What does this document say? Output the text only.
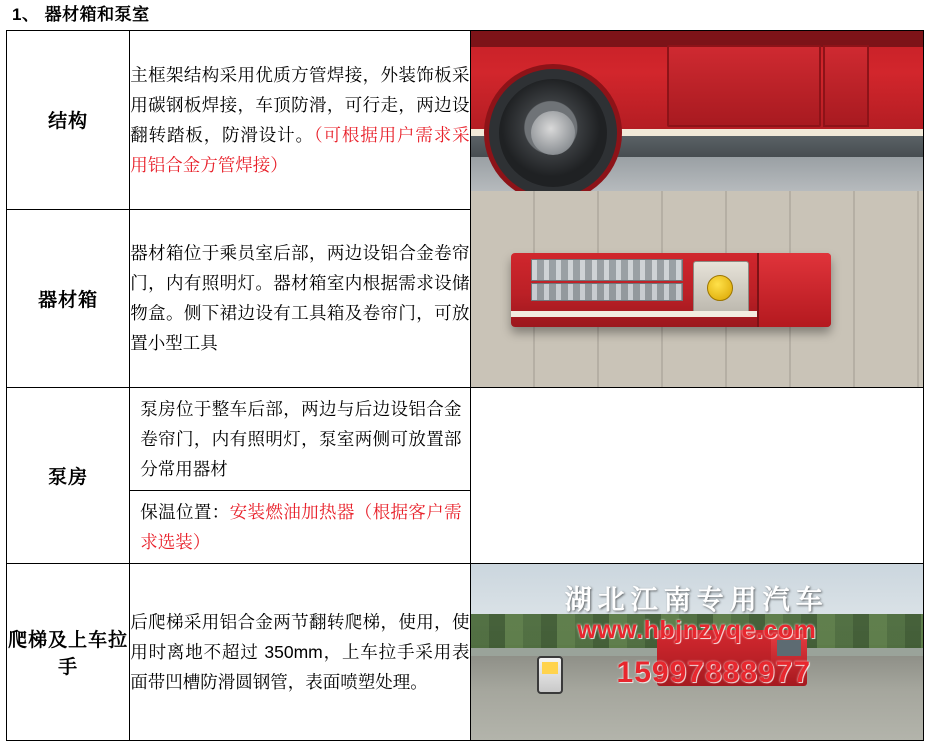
1、 器材箱和泵室
结构	主框架结构采用优质方管焊接，外装饰板采用碳钢板焊接，车顶防滑，可行走，两边设翻转踏板，防滑设计。（可根据用户需求采用铝合金方管焊接）	

器材箱	器材箱位于乘员室后部，两边设铝合金卷帘门，内有照明灯。器材箱室内根据需求设储物盒。侧下裙边设有工具箱及卷帘门，可放置小型工具	
泵房	泵房位于整车后部，两边与后边设铝合金卷帘门，内有照明灯，泵室两侧可放置部分常用器材
保温位置：安装燃油加热器（根据客户需求选装）	

爬梯及上车拉手	后爬梯采用铝合金两节翻转爬梯，使用，使用时离地不超过 350mm，上车拉手采用表面带凹槽防滑圆钢管，表面喷塑处理。	湖北江南专用汽车
www.hbjnzyqe.com
15997888977
